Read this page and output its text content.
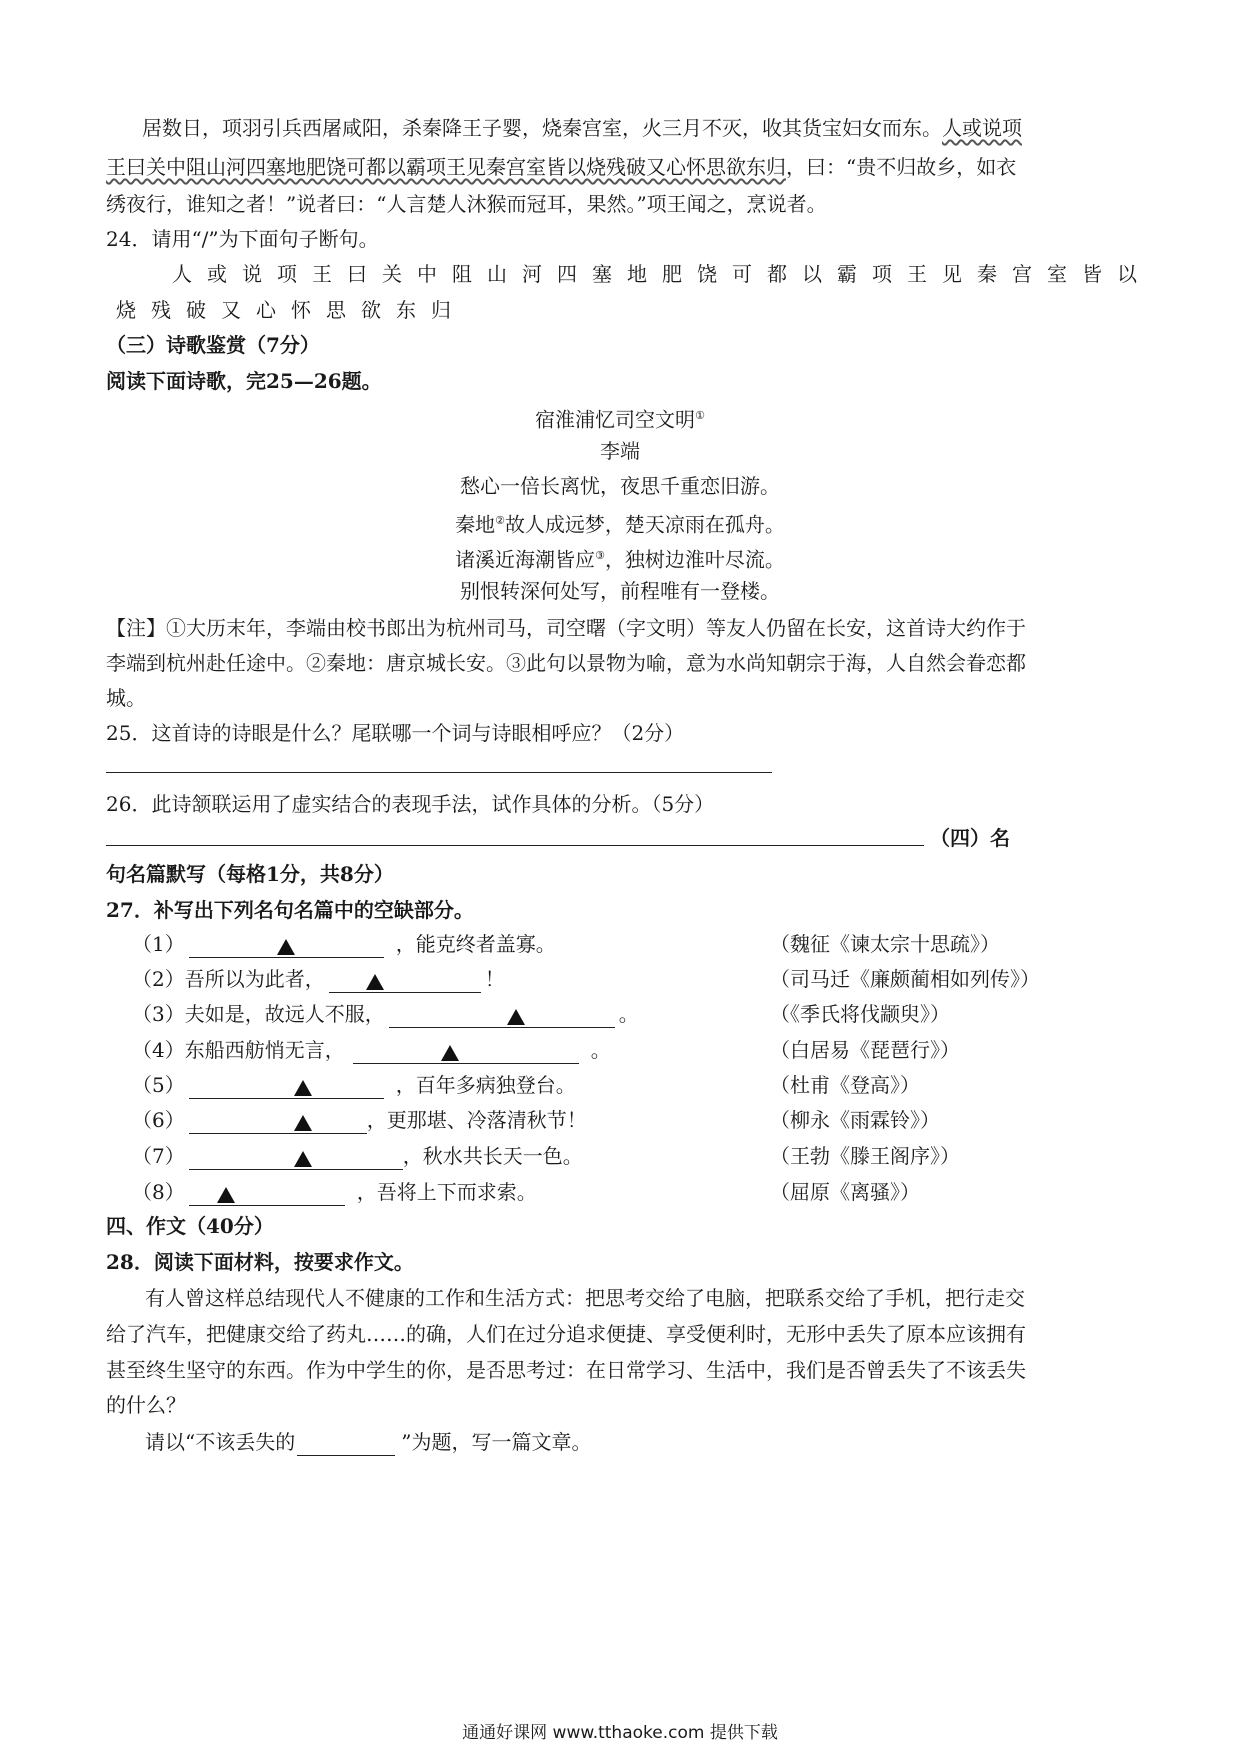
居数日，项羽引兵西屠咸阳，杀秦降王子婴，烧秦宫室，火三月不灭，收其货宝妇女而东。人或说项
王曰关中阻山河四塞地肥饶可都以霸项王见秦宫室皆以烧残破又心怀思欲东归，曰：“贵不归故乡，如衣
绣夜行，谁知之者！”说者曰：“人言楚人沐猴而冠耳，果然。”项王闻之，烹说者。
24．请用“/”为下面句子断句。
人或说项王曰关中阻山河四塞地肥饶可都以霸项王见秦宫室皆以
烧残破又心怀思欲东归
（三）诗歌鉴赏（7分）
阅读下面诗歌，完25—26题。
宿淮浦忆司空文明①
李端
愁心一倍长离忧，夜思千重恋旧游。
秦地②故人成远梦，楚天凉雨在孤舟。
诸溪近海潮皆应③，独树边淮叶尽流。
别恨转深何处写，前程唯有一登楼。
【注】①大历末年，李端由校书郎出为杭州司马，司空曙（字文明）等友人仍留在长安，这首诗大约作于
李端到杭州赴任途中。②秦地：唐京城长安。③此句以景物为喻，意为水尚知朝宗于海，人自然会眷恋都
城。
25．这首诗的诗眼是什么？尾联哪一个词与诗眼相呼应？（2分）
26．此诗颔联运用了虚实结合的表现手法，试作具体的分析。（5分）
（四）名
句名篇默写（每格1分，共8分）
27．补写出下列名句名篇中的空缺部分。
（1）	，能克终者盖寡。	（魏征《谏太宗十思疏》）
（2）吾所以为此者，	！	（司马迁《廉颇蔺相如列传》）
（3）夫如是，故远人不服，	。	（《季氏将伐颛臾》）
（4）东船西舫悄无言，	。	（白居易《琵琶行》）
（5）	，百年多病独登台。	（杜甫《登高》）
（6）	，更那堪、冷落清秋节！	（柳永《雨霖铃》）
（7）	，秋水共长天一色。	（王勃《滕王阁序》）
（8）	，吾将上下而求索。	（屈原《离骚》）
四、作文（40分）
28．阅读下面材料，按要求作文。
有人曾这样总结现代人不健康的工作和生活方式：把思考交给了电脑，把联系交给了手机，把行走交
给了汽车，把健康交给了药丸……的确，人们在过分追求便捷、享受便利时，无形中丢失了原本应该拥有
甚至终生坚守的东西。作为中学生的你，是否思考过：在日常学习、生活中，我们是否曾丢失了不该丢失
的什么？
请以“不该丢失的	”为题，写一篇文章。
通通好课网 www.tthaoke.com 提供下载
